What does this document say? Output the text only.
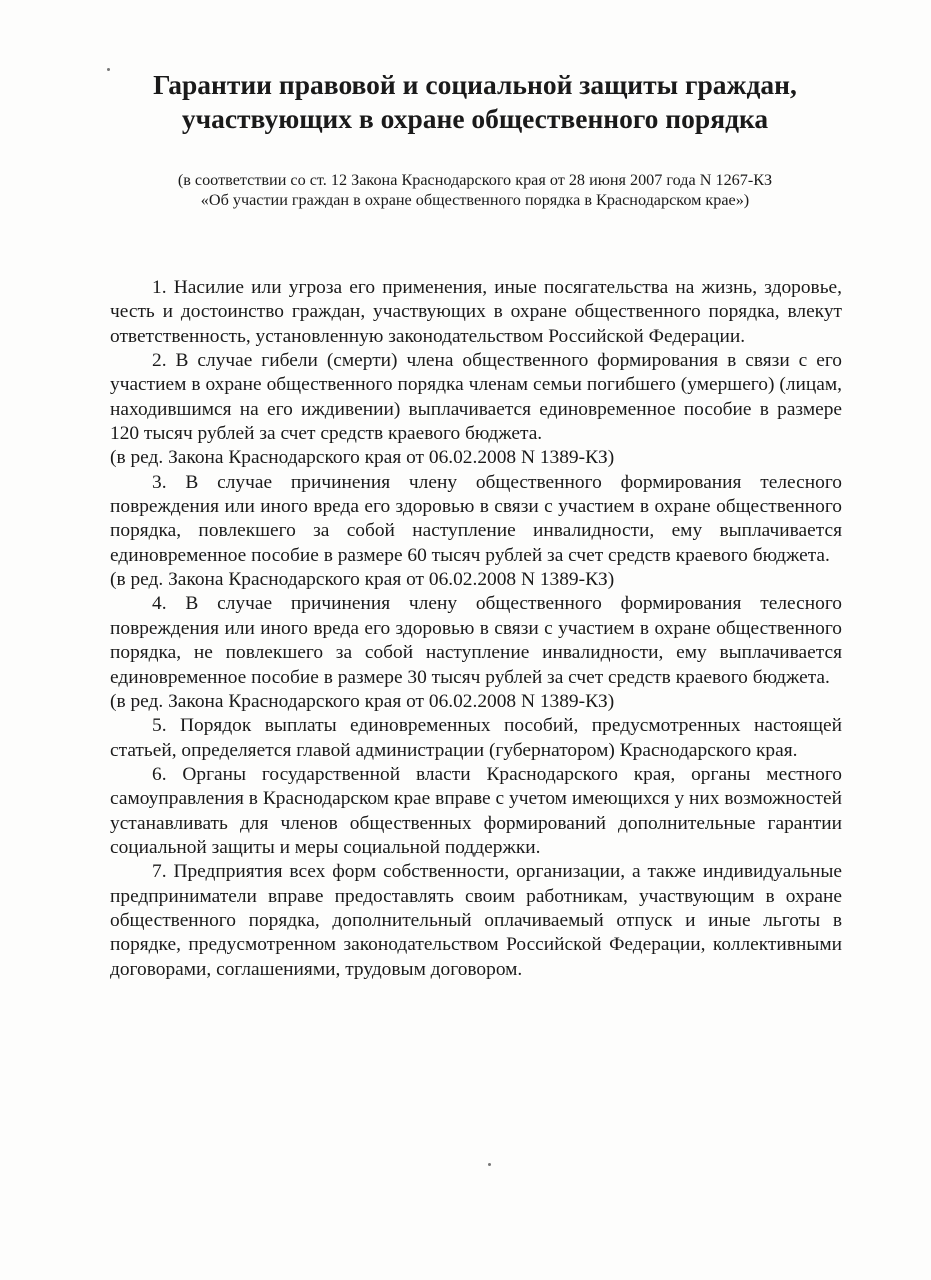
Гарантии правовой и социальной защиты граждан, участвующих в охране общественного порядка
(в соответствии со ст. 12 Закона Краснодарского края от 28 июня 2007 года N 1267-КЗ
«Об участии граждан в охране общественного порядка в Краснодарском крае»)

1. Насилие или угроза его применения, иные посягательства на жизнь, здоровье, честь и достоинство граждан, участвующих в охране общественного порядка, влекут ответственность, установленную законодательством Российской Федерации.

2. В случае гибели (смерти) члена общественного формирования в связи с его участием в охране общественного порядка членам семьи погибшего (умершего) (лицам, находившимся на его иждивении) выплачивается единовременное пособие в размере 120 тысяч рублей за счет средств краевого бюджета.

(в ред. Закона Краснодарского края от 06.02.2008 N 1389-КЗ)

3. В случае причинения члену общественного формирования телесного повреждения или иного вреда его здоровью в связи с участием в охране общественного порядка, повлекшего за собой наступление инвалидности, ему выплачивается единовременное пособие в размере 60 тысяч рублей за счет средств краевого бюджета.

(в ред. Закона Краснодарского края от 06.02.2008 N 1389-КЗ)

4. В случае причинения члену общественного формирования телесного повреждения или иного вреда его здоровью в связи с участием в охране общественного порядка, не повлекшего за собой наступление инвалидности, ему выплачивается единовременное пособие в размере 30 тысяч рублей за счет средств краевого бюджета.

(в ред. Закона Краснодарского края от 06.02.2008 N 1389-КЗ)

5. Порядок выплаты единовременных пособий, предусмотренных настоящей статьей, определяется главой администрации (губернатором) Краснодарского края.

6. Органы государственной власти Краснодарского края, органы местного самоуправления в Краснодарском крае вправе с учетом имеющихся у них возможностей устанавливать для членов общественных формирований дополнительные гарантии социальной защиты и меры социальной поддержки.

7. Предприятия всех форм собственности, организации, а также индивидуальные предприниматели вправе предоставлять своим работникам, участвующим в охране общественного порядка, дополнительный оплачиваемый отпуск и иные льготы в порядке, предусмотренном законодательством Российской Федерации, коллективными договорами, соглашениями, трудовым договором.
